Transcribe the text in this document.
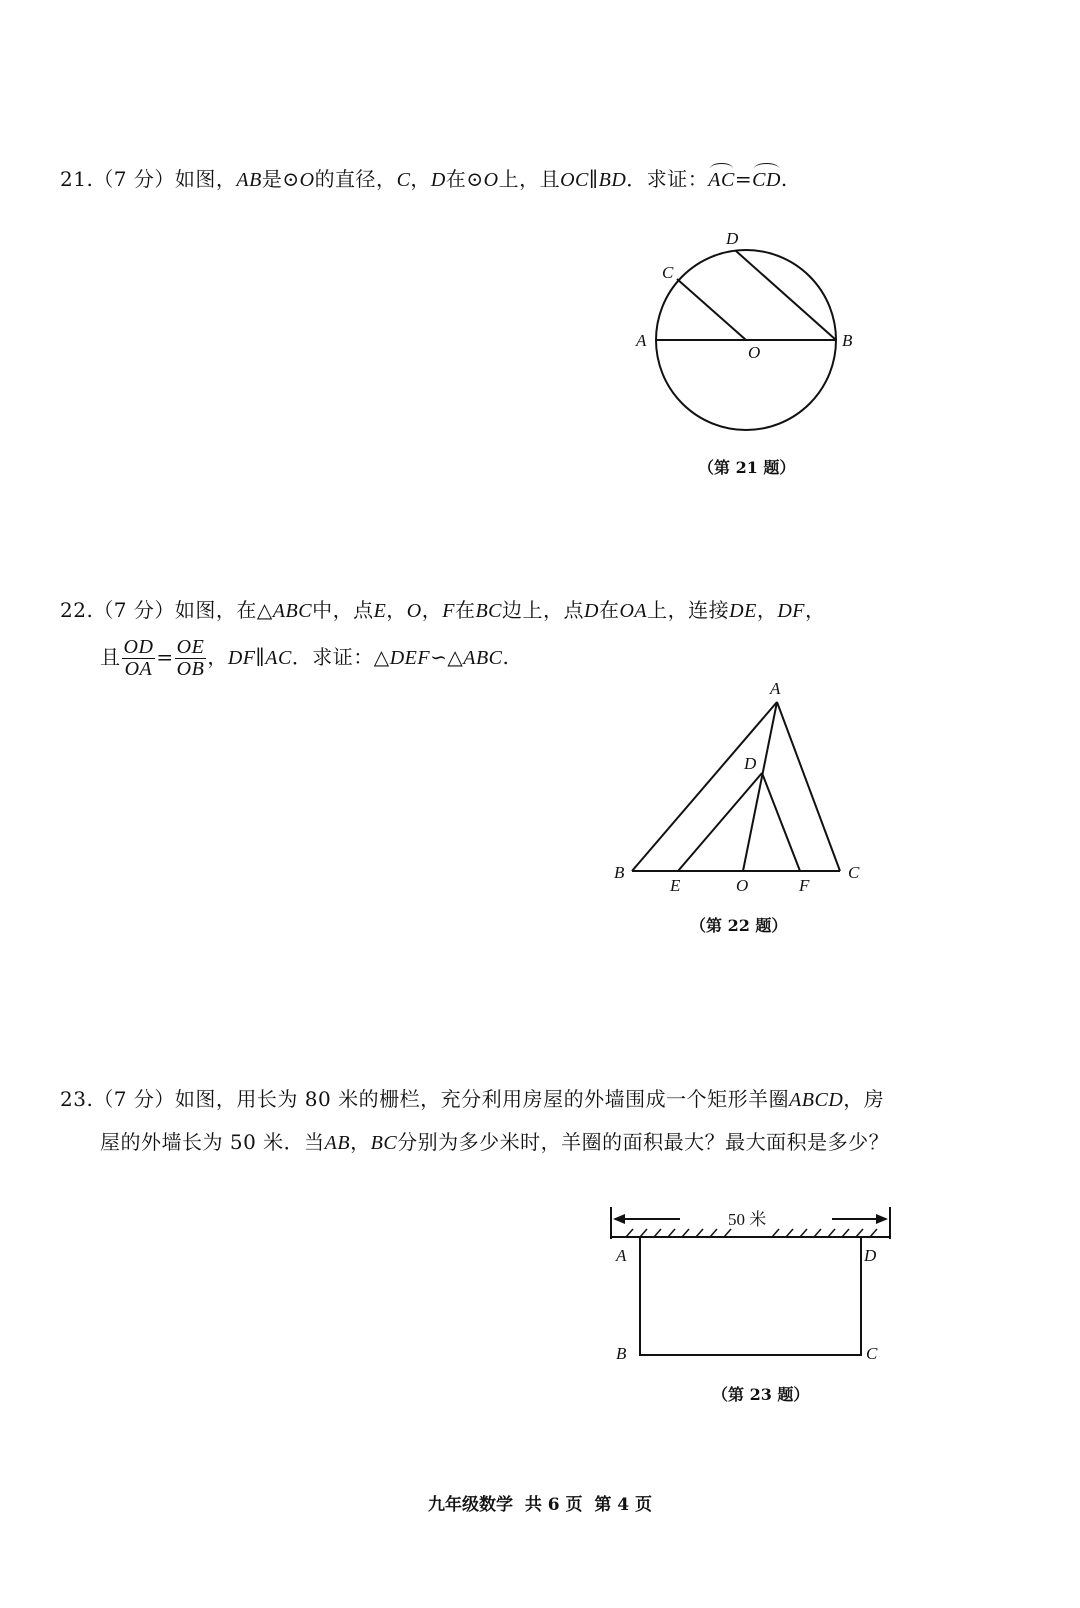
21.（7 分）如图，AB是⊙O的直径，C，D在⊙O上，且OC∥BD．求证：AC=CD.
A	B
C
D
O
（第 21 题）
22.（7 分）如图，在△ABC中，点E，O，F在BC边上，点D在OA上，连接DE，DF，
且 $\frac{OD}{OA} = \frac{OE}{OB}$ ，DF∥AC．求证：△DEF∽△ABC.
A
B	C
D
E	O	F
（第 22 题）
23.（7 分）如图，用长为 80 米的栅栏，充分利用房屋的外墙围成一个矩形羊圈ABCD，房
屋的外墙长为 50 米．当AB，BC分别为多少米时，羊圈的面积最大？最大面积是多少？
50 米
A	D
B	C
（第 23 题）
九年级数学  共 6 页  第 4 页
